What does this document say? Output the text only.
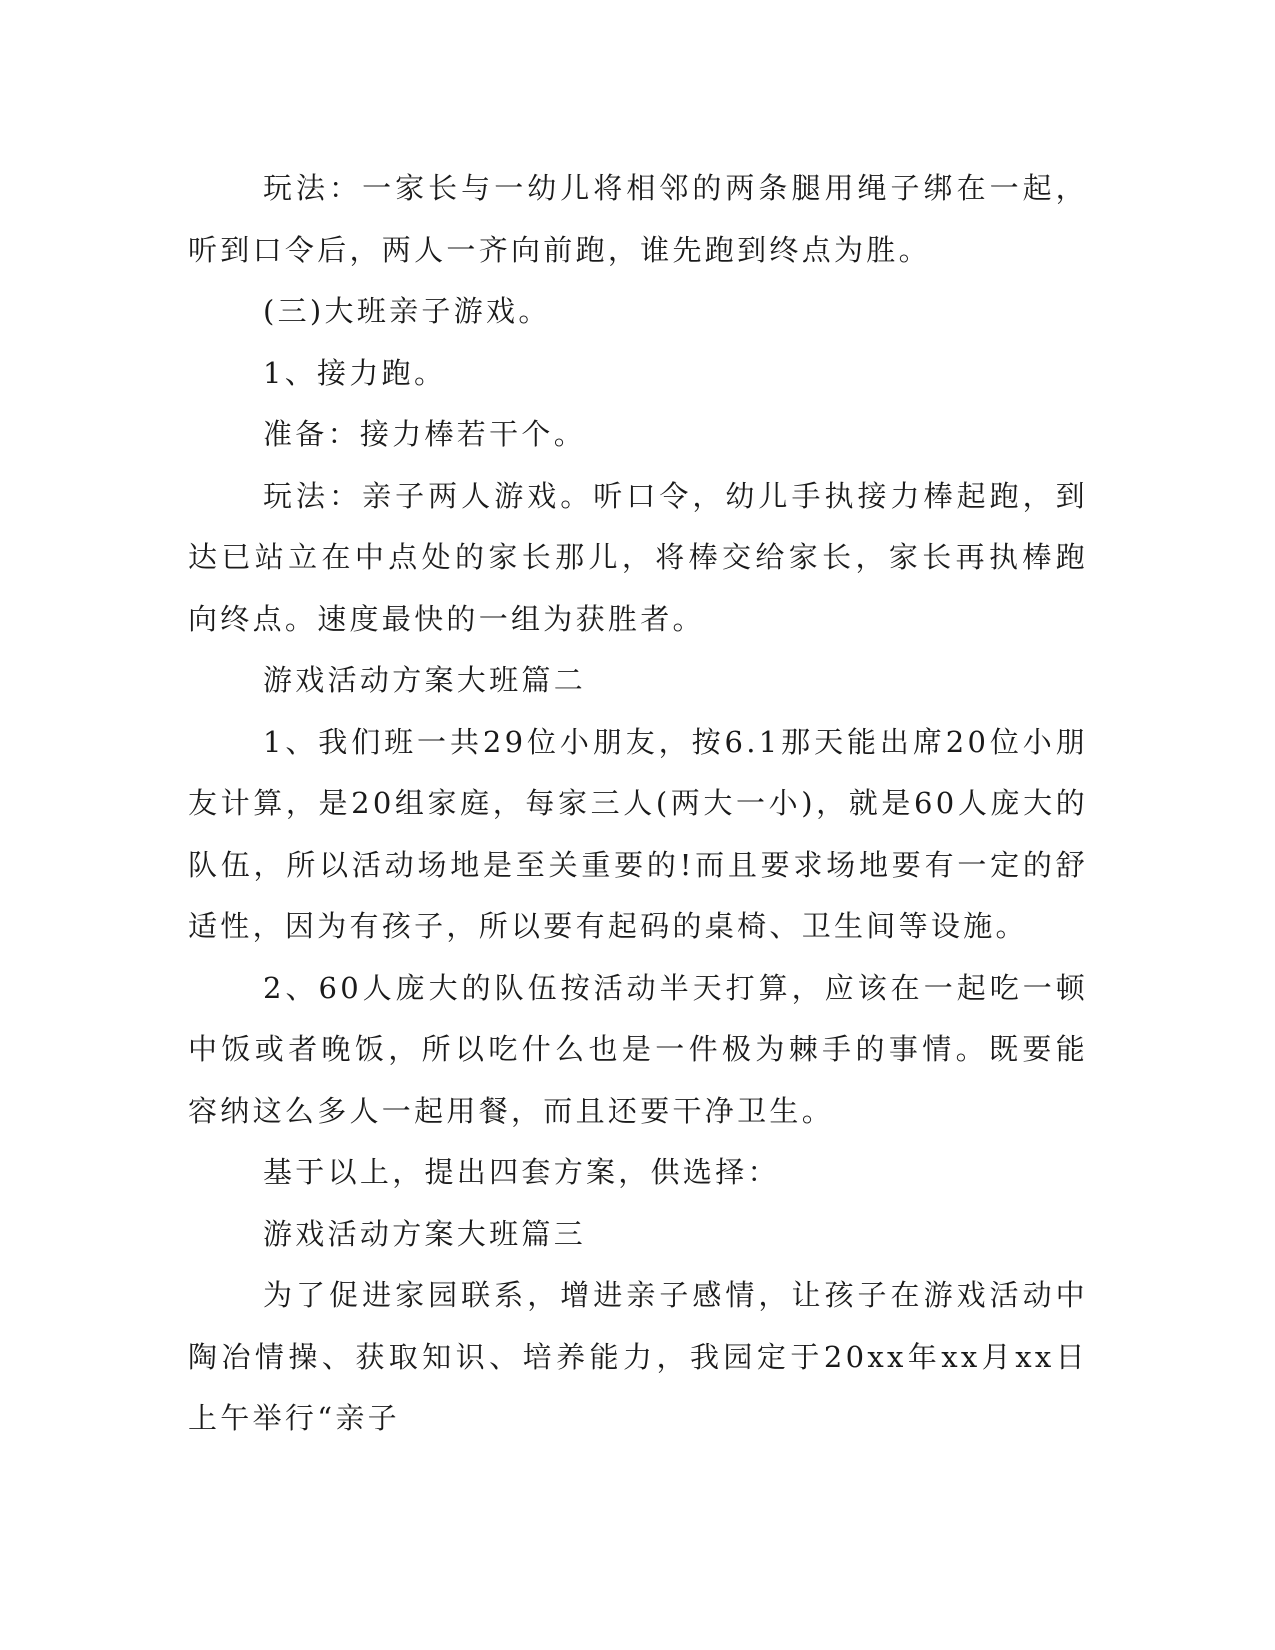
玩法：一家长与一幼儿将相邻的两条腿用绳子绑在一起，听到口令后，两人一齐向前跑，谁先跑到终点为胜。

(三)大班亲子游戏。

1、接力跑。

准备：接力棒若干个。

玩法：亲子两人游戏。听口令，幼儿手执接力棒起跑，到达已站立在中点处的家长那儿，将棒交给家长，家长再执棒跑向终点。速度最快的一组为获胜者。

游戏活动方案大班篇二

1、我们班一共29位小朋友，按6.1那天能出席20位小朋友计算，是20组家庭，每家三人(两大一小)，就是60人庞大的队伍，所以活动场地是至关重要的!而且要求场地要有一定的舒适性，因为有孩子，所以要有起码的桌椅、卫生间等设施。

2、60人庞大的队伍按活动半天打算，应该在一起吃一顿中饭或者晚饭，所以吃什么也是一件极为棘手的事情。既要能容纳这么多人一起用餐，而且还要干净卫生。

基于以上，提出四套方案，供选择：

游戏活动方案大班篇三

为了促进家园联系，增进亲子感情，让孩子在游戏活动中陶冶情操、获取知识、培养能力，我园定于20xx年xx月xx日上午举行“亲子
